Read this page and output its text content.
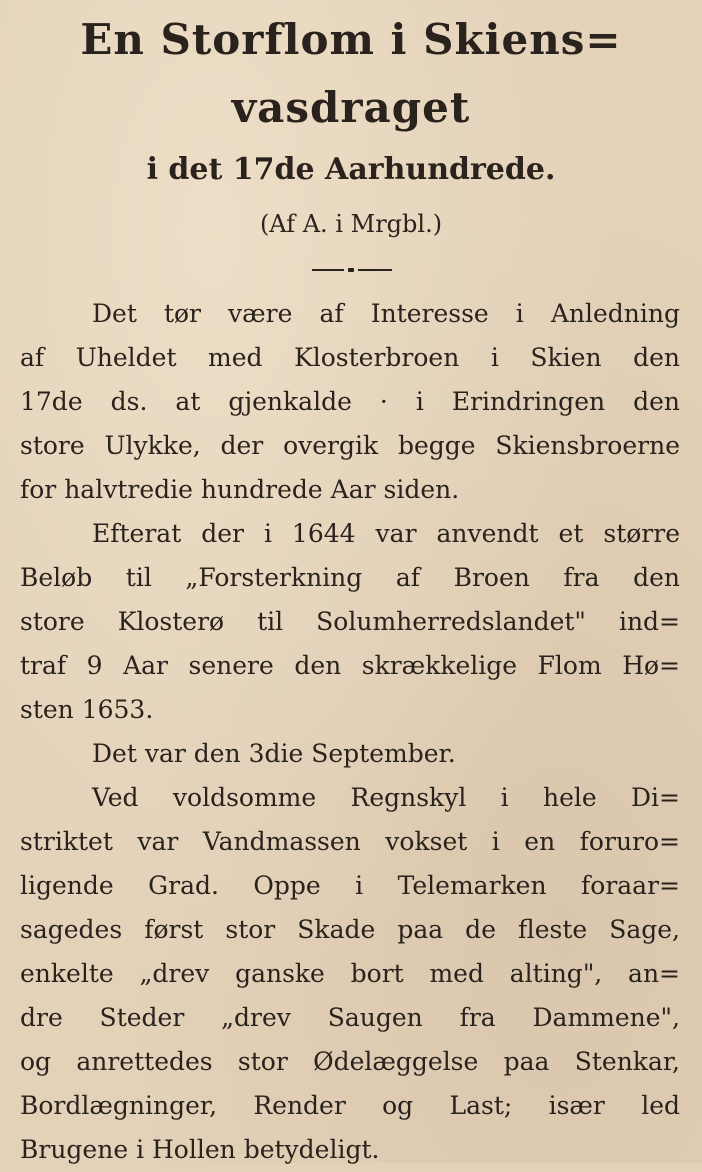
En Storflom i Skiens=
vasdraget
i det 17de Aarhundrede.
(Af A. i Mrgbl.)
Det tør være af Interesse i Anledning
af Uheldet med Klosterbroen i Skien den
17de ds. at gjenkalde · i Erindringen den
store Ulykke, der overgik begge Skiensbroerne
for halvtredie hundrede Aar siden.
Efterat der i 1644 var anvendt et større
Beløb til „Forsterkning af Broen fra den
store Klosterø til Solumherredslandet" ind=
traf 9 Aar senere den skrækkelige Flom Hø=
sten 1653.
Det var den 3die September.
Ved voldsomme Regnskyl i hele Di=
striktet var Vandmassen vokset i en foruro=
ligende Grad. Oppe i Telemarken foraar=
sagedes først stor Skade paa de fleste Sage,
enkelte „drev ganske bort med alting", an=
dre Steder „drev Saugen fra Dammene",
og anrettedes stor Ødelæggelse paa Stenkar,
Bordlægninger, Render og Last; især led
Brugene i Hollen betydeligt.
